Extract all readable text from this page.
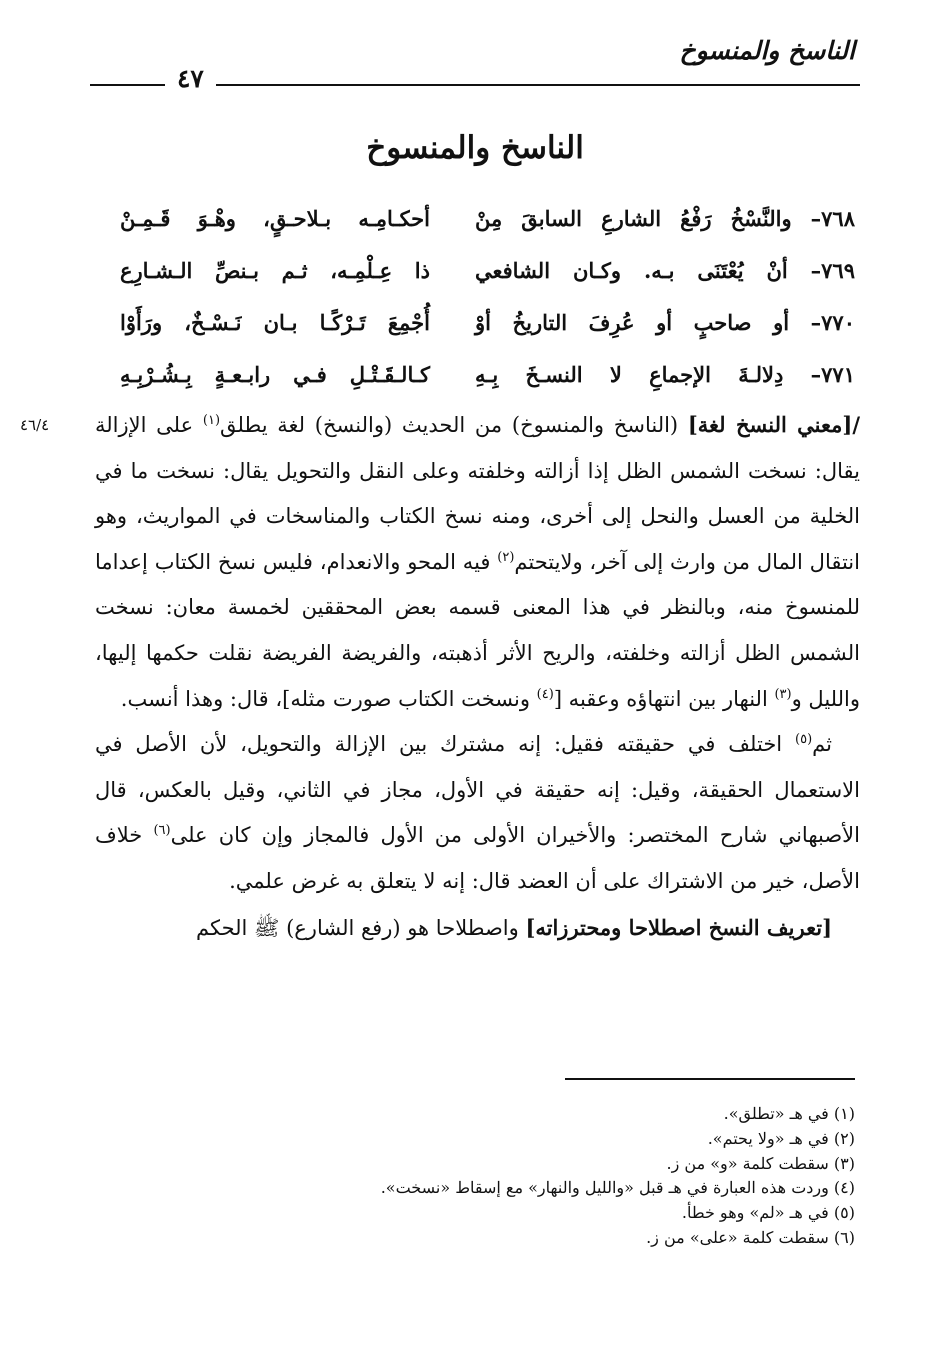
الناسخ والمنسوخ
٤٧
الناسخ والمنسوخ
٧٦٨– والنَّسْخُ رَفْعُ الشارعِ السابقَ مِنْ
أحكـامِـه بـلاحـقٍ، وهْـوَ قَـمِـنْ
٧٦٩– أنْ يُعْتَنَى بـه. وكـان الشافعي
ذا عِـلْمِـه، ثـم بـنصِّ الـشـارِع
٧٧٠– أو صاحبٍ أو عُرِفَ التاريخُ أوْ
أُجْمِعَ تَـرْكًـا بـان نَـسْـخٌ، ورَأَوْا
٧٧١– دِلالـةَ الإجماعِ لا النسـخَ بِـهِ
كـالـقَـتْـلِ فـي رابـعـةٍ بِـشُـرْبِـهِ
٤٦/٤	/[معني النسخ لغة] (الناسخ والمنسوخ) من الحديث (والنسخ) لغة يطلق$^{(١)}$ على الإزالة يقال: نسخت الشمس الظل إذا أزالته وخلفته وعلى النقل والتحويل يقال: نسخت ما في الخلية من العسل والنحل إلى أخرى، ومنه نسخ الكتاب والمناسخات في المواريث، وهو انتقال المال من وارث إلى آخر، ولايتحتم$^{(٢)}$ فيه المحو والانعدام، فليس نسخ الكتاب إعداما للمنسوخ منه، وبالنظر في هذا المعنى قسمه بعض المحققين لخمسة معان: نسخت الشمس الظل أزالته وخلفته، والريح الأثر أذهبته، والفريضة الفريضة نقلت حكمها إليها، والليل و$^{(٣)}$ النهار بين انتهاؤه وعقبه [$^{(٤)}$ ونسخت الكتاب صورت مثله]، قال: وهذا أنسب.

ثم$^{(٥)}$ اختلف في حقيقته فقيل: إنه مشترك بين الإزالة والتحويل، لأن الأصل في الاستعمال الحقيقة، وقيل: إنه حقيقة في الأول، مجاز في الثاني، وقيل بالعكس، قال الأصبهاني شارح المختصر: والأخيران الأولى من الأول فالمجاز وإن كان على$^{(٦)}$ خلاف الأصل، خير من الاشتراك على أن العضد قال: إنه لا يتعلق به غرض علمي.

[تعريف النسخ اصطلاحا ومحترزاته] واصطلاحا هو (رفع الشارع) ﷺ الحكم

(١) في هـ «تطلق».
(٢) في هـ «ولا يحتم».
(٣) سقطت كلمة «و» من ز.
(٤) وردت هذه العبارة في هـ قبل «والليل والنهار» مع إسقاط «نسخت».
(٥) في هـ «لم» وهو خطأ.
(٦) سقطت كلمة «على» من ز.
